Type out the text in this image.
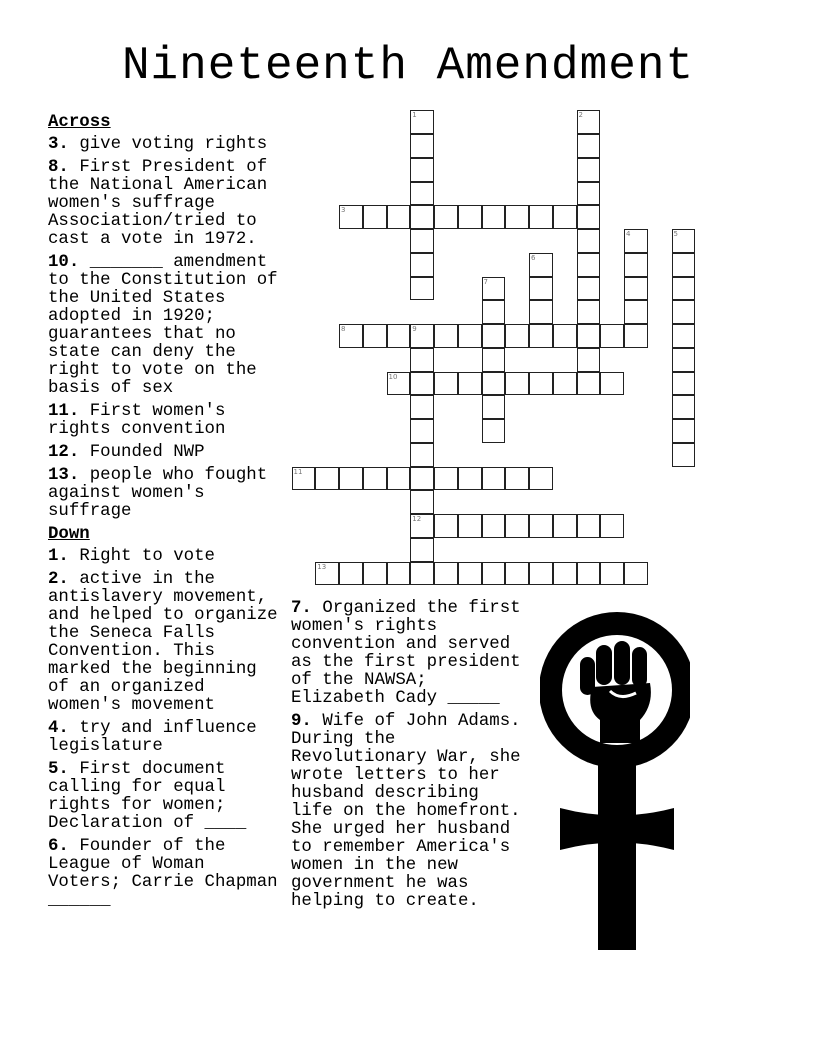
Nineteenth Amendment
Across
3. give voting rights
8. First President of the National American women's suffrage Association/tried to cast a vote in 1972.
10. _______ amendment to the Constitution of the United States adopted in 1920; guarantees that no state can deny the right to vote on the basis of sex
11. First women's rights convention
12. Founded NWP
13. people who fought against women's suffrage
Down
1. Right to vote
2. active in the antislavery movement, and helped to organize the Seneca Falls Convention. This marked the beginning of an organized women's movement
4. try and influence legislature
5. First document calling for equal rights for women; Declaration of ____
6. Founder of the League of Woman Voters; Carrie Chapman ______
7. Organized the first women's rights convention and served as the first president of the NAWSA; Elizabeth Cady _____
9. Wife of John Adams. During the Revolutionary War, she wrote letters to her husband describing life on the homefront. She urged her husband to remember America's women in the new government he was helping to create.
1	2
3
4	5
6
7
8	9
12
10
11
13
